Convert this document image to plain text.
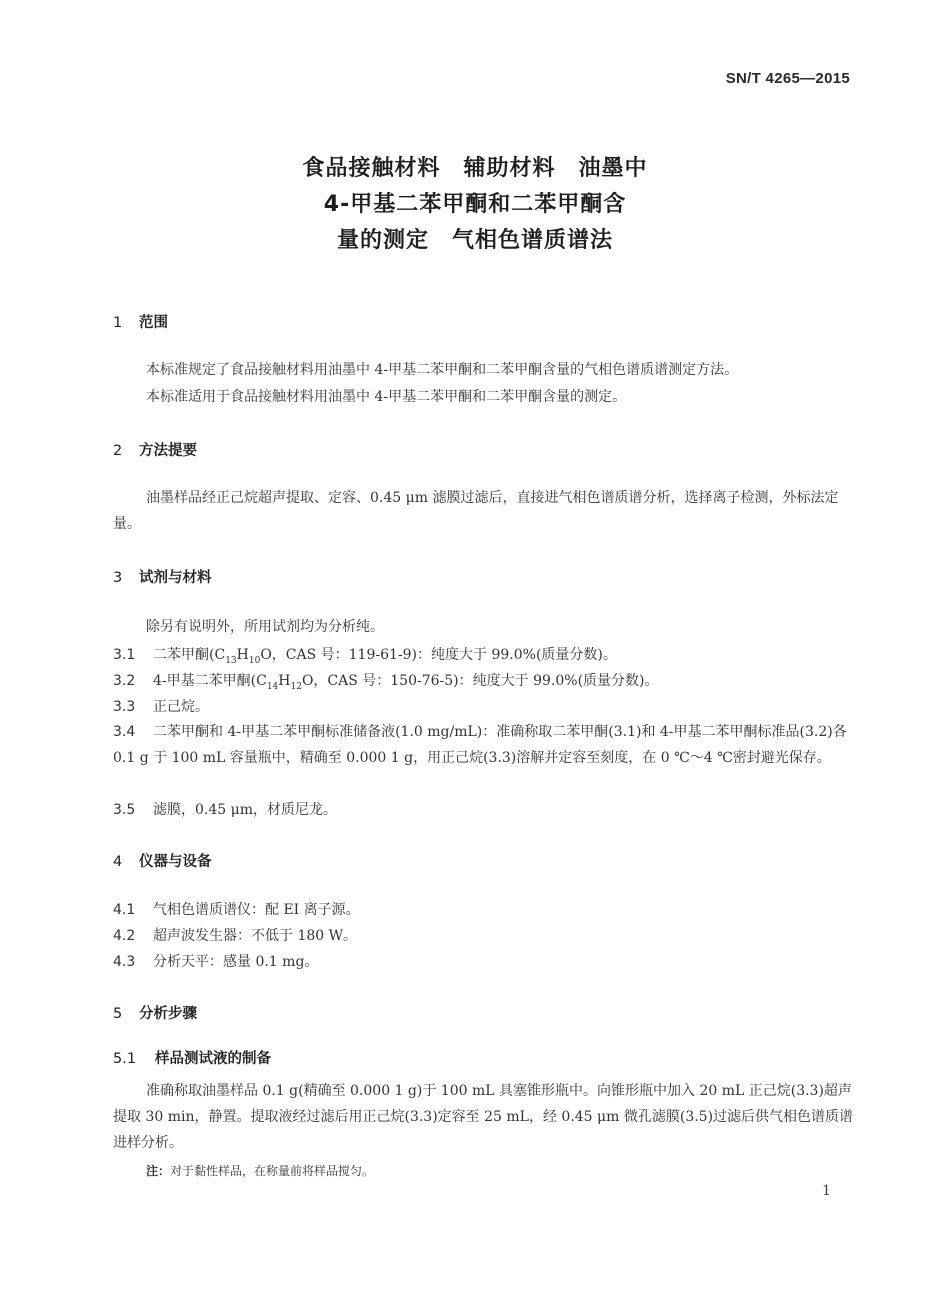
SN/T 4265—2015
食品接触材料　辅助材料　油墨中
4-甲基二苯甲酮和二苯甲酮含
量的测定　气相色谱质谱法
1 范围
本标准规定了食品接触材料用油墨中 4-甲基二苯甲酮和二苯甲酮含量的气相色谱质谱测定方法。
本标准适用于食品接触材料用油墨中 4-甲基二苯甲酮和二苯甲酮含量的测定。
2 方法提要
油墨样品经正己烷超声提取、定容、0.45 μm 滤膜过滤后，直接进气相色谱质谱分析，选择离子检测，外标法定量。
3 试剂与材料
除另有说明外，所用试剂均为分析纯。
3.1 二苯甲酮($C_{13}H_{10}O$，CAS 号：119-61-9)：纯度大于 99.0%(质量分数)。
3.2 4-甲基二苯甲酮($C_{14}H_{12}O$，CAS 号：150-76-5)：纯度大于 99.0%(质量分数)。
3.3 正己烷。
3.4 二苯甲酮和 4-甲基二苯甲酮标准储备液(1.0 mg/mL)：准确称取二苯甲酮(3.1)和 4-甲基二苯甲酮标准品(3.2)各 0.1 g 于 100 mL 容量瓶中，精确至 0.000 1 g，用正己烷(3.3)溶解并定容至刻度，在 0 ℃～4 ℃密封避光保存。
3.5 滤膜，0.45 μm，材质尼龙。
4 仪器与设备
4.1 气相色谱质谱仪：配 EI 离子源。
4.2 超声波发生器：不低于 180 W。
4.3 分析天平：感量 0.1 mg。
5 分析步骤
5.1 样品测试液的制备
准确称取油墨样品 0.1 g(精确至 0.000 1 g)于 100 mL 具塞锥形瓶中。向锥形瓶中加入 20 mL 正己烷(3.3)超声提取 30 min，静置。提取液经过滤后用正己烷(3.3)定容至 25 mL，经 0.45 μm 微孔滤膜(3.5)过滤后供气相色谱质谱进样分析。
注：对于黏性样品，在称量前将样品搅匀。
1
